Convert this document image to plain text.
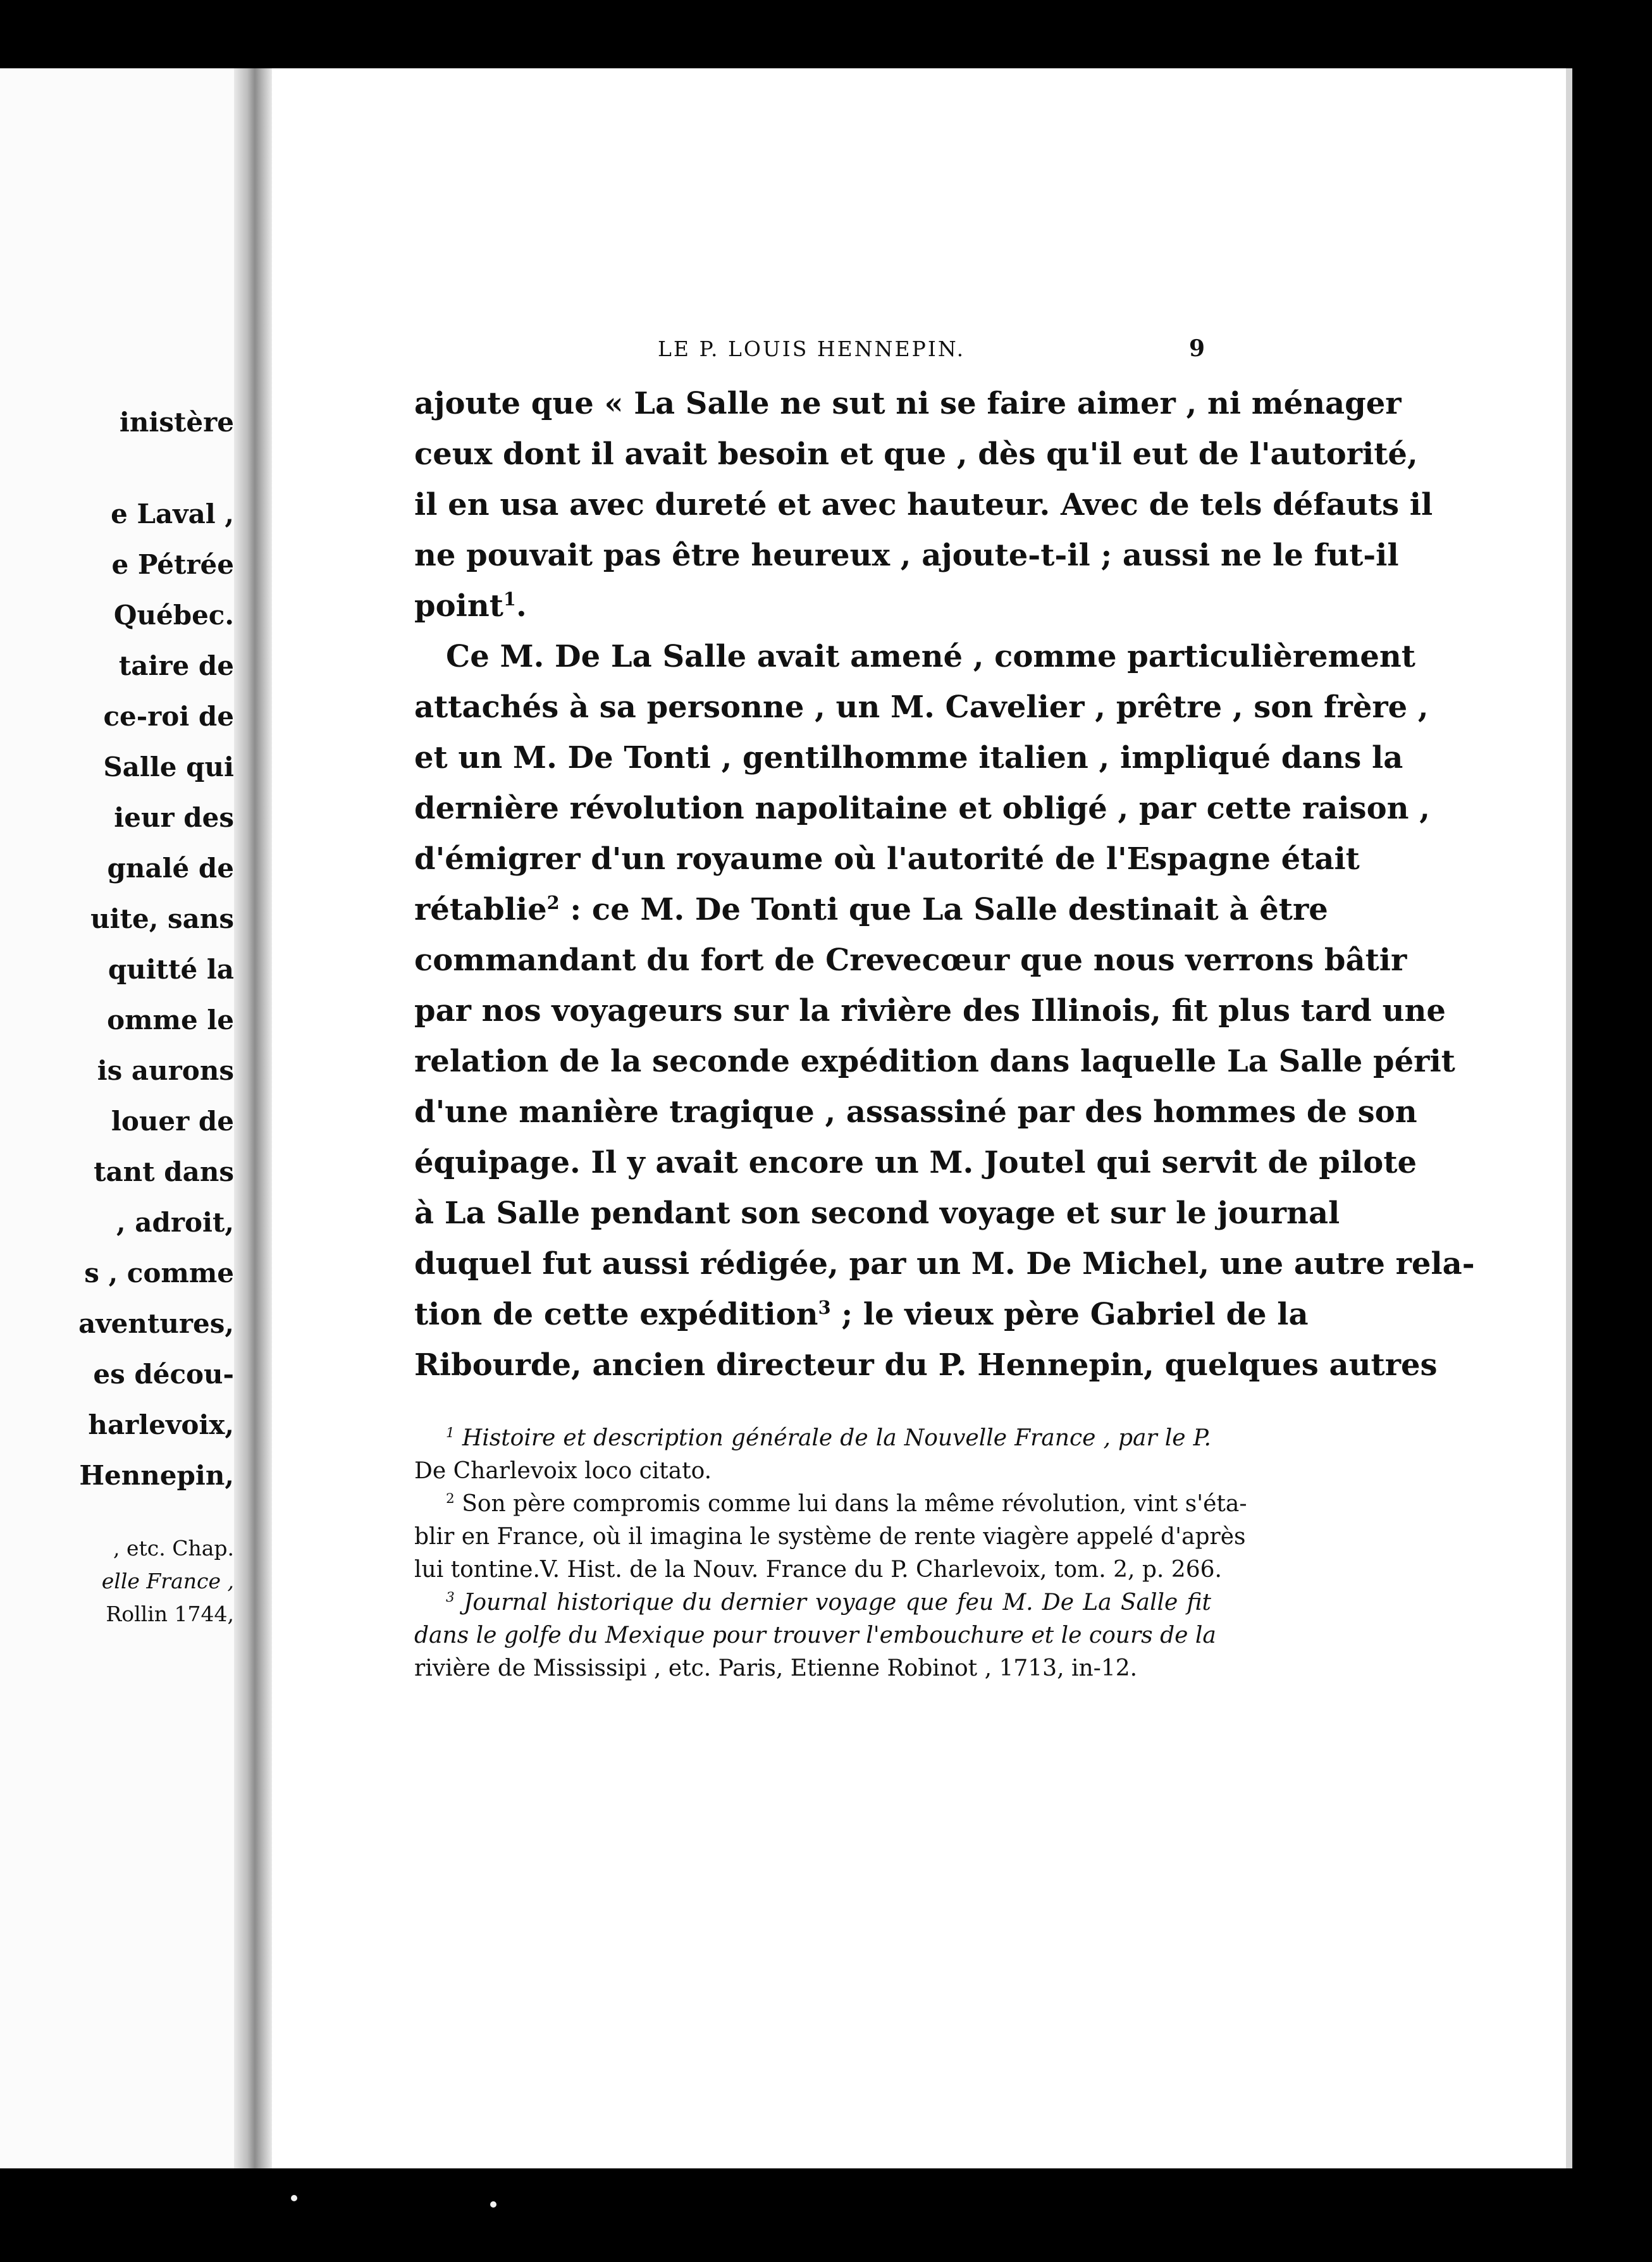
inistère
e Laval ,
e Pétrée
Québec.
taire de
ce-roi de
Salle qui
ieur des
gnalé de
uite, sans
quitté la
omme le
is aurons
louer de
tant dans
, adroit,
s , comme
aventures,
es décou-
harlevoix,
Hennepin,
, etc. Chap.
elle France ,
Rollin 1744,
LE P. LOUIS HENNEPIN.	9
ajoute que « La Salle ne sut ni se faire aimer , ni ménager
ceux dont il avait besoin et que , dès qu'il eut de l'autorité,
il en usa avec dureté et avec hauteur. Avec de tels défauts il
ne pouvait pas être heureux , ajoute-t-il ; aussi ne le fut-il
point$^1$.
Ce M. De La Salle avait amené , comme particulièrement
attachés à sa personne , un M. Cavelier , prêtre , son frère ,
et un M. De Tonti , gentilhomme italien , impliqué dans la
dernière révolution napolitaine et obligé , par cette raison ,
d'émigrer d'un royaume où l'autorité de l'Espagne était
rétablie$^2$ : ce M. De Tonti que La Salle destinait à être
commandant du fort de Crevecœur que nous verrons bâtir
par nos voyageurs sur la rivière des Illinois, fit plus tard une
relation de la seconde expédition dans laquelle La Salle périt
d'une manière tragique , assassiné par des hommes de son
équipage. Il y avait encore un M. Joutel qui servit de pilote
à La Salle pendant son second voyage et sur le journal
duquel fut aussi rédigée, par un M. De Michel, une autre rela-
tion de cette expédition$^3$ ; le vieux père Gabriel de la
Ribourde, ancien directeur du P. Hennepin, quelques autres
$^1$ Histoire et description générale de la Nouvelle France , par le P.
De Charlevoix loco citato.
$^2$ Son père compromis comme lui dans la même révolution, vint s'éta-
blir en France, où il imagina le système de rente viagère appelé d'après
lui tontine.V. Hist. de la Nouv. France du P. Charlevoix, tom. 2, p. 266.
$^3$ Journal historique du dernier voyage que feu M. De La Salle fit
dans le golfe du Mexique pour trouver l'embouchure et le cours de la
rivière de Mississipi , etc. Paris, Etienne Robinot , 1713, in-12.
